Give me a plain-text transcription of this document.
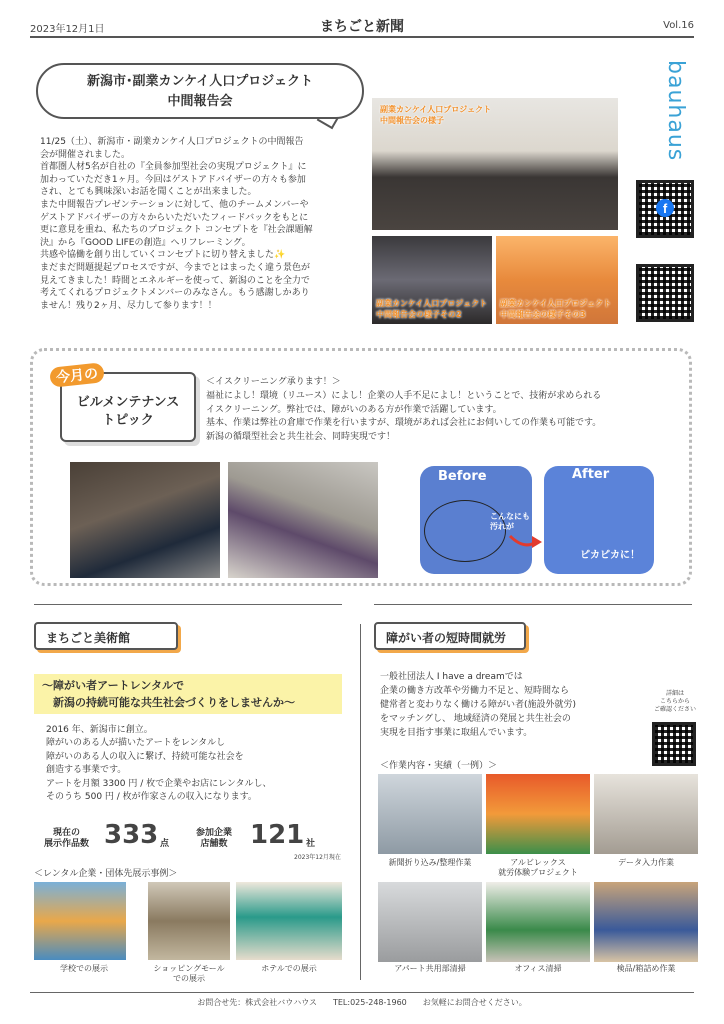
2023年12月1日	まちごと新聞	Vol.16
新潟市･副業カンケイ人口プロジェクト
中間報告会
11/25（土）、新潟市・副業カンケイ人口プロジェクトの中間報告
会が開催されました。
首都圏人材5名が自社の『全員参加型社会の実現プロジェクト』に
加わっていただき1ヶ月。今回はゲストアドバイザーの方々も参加
され、とても興味深いお話を聞くことが出来ました。
また中間報告プレゼンテーションに対して、他のチームメンバーや
ゲストアドバイザーの方々からいただいたフィードバックをもとに
更に意見を重ね、私たちのプロジェクト コンセプトを『社会課題解
決』から『GOOD LIFEの創造』へリフレーミング。
共感や協働を創り出していくコンセプトに切り替えました✨
まだまだ問題提起プロセスですが、今までとはまったく違う景色が
見えてきました！時間とエネルギーを使って、新潟のことを全力で
考えてくれるプロジェクトメンバーのみなさん。もう感謝しかあり
ません！残り2ヶ月、尽力して参ります！！
副業カンケイ人口プロジェクト
中間報告会の様子
副業カンケイ人口プロジェクト
中間報告会の様子その2
副業カンケイ人口プロジェクト
中間報告会の様子その3
bauhaus
f
今月の
ビルメンテナンス
トピック
＜イスクリーニング承ります！＞
福祉によし！環境（リユース）によし！企業の人手不足によし！ということで、技術が求められる
イスクリーニング。弊社では、障がいのある方が作業で活躍しています。
基本、作業は弊社の倉庫で作業を行いますが、環境があれば会社にお伺いしての作業も可能です。
新潟の循環型社会と共生社会、同時実現です！
Before	After
こんなにも
汚れが
ピカピカに！
まちごと美術館
～障がい者アートレンタルで
　新潟の持続可能な共生社会づくりをしませんか～
2016 年、新潟市に創立。
障がいのある人が描いたアートをレンタルし
障がいのある人の収入に繋げ、持続可能な社会を
創造する事業です。
アートを月額 3300 円 / 枚で企業やお店にレンタルし、
そのうち 500 円 / 枚が作家さんの収入になります。
現在の
展示作品数 333 点
参加企業
店舗数 121 社
2023年12月現在
＜レンタル企業・団体先展示事例＞
学校での展示	ショッピングモール
での展示
ホテルでの展示
障がい者の短時間就労
一般社団法人 I have a dreamでは
企業の働き方改革や労働力不足と、短時間なら
健常者と変わりなく働ける障がい者(施設外就労)
をマッチングし、 地域経済の発展と共生社会の
実現を目指す事業に取組んでいます。
詳細は
こちらから
ご確認ください
＜作業内容・実績（一例）＞
新聞折り込み/整理作業	アルビレックス
就労体験プロジェクト
データ入力作業
アパート共用部清掃	オフィス清掃	検品/箱詰め作業
お問合せ先：株式会社バウハウス　　TEL:025-248-1960　　お気軽にお問合せください。
